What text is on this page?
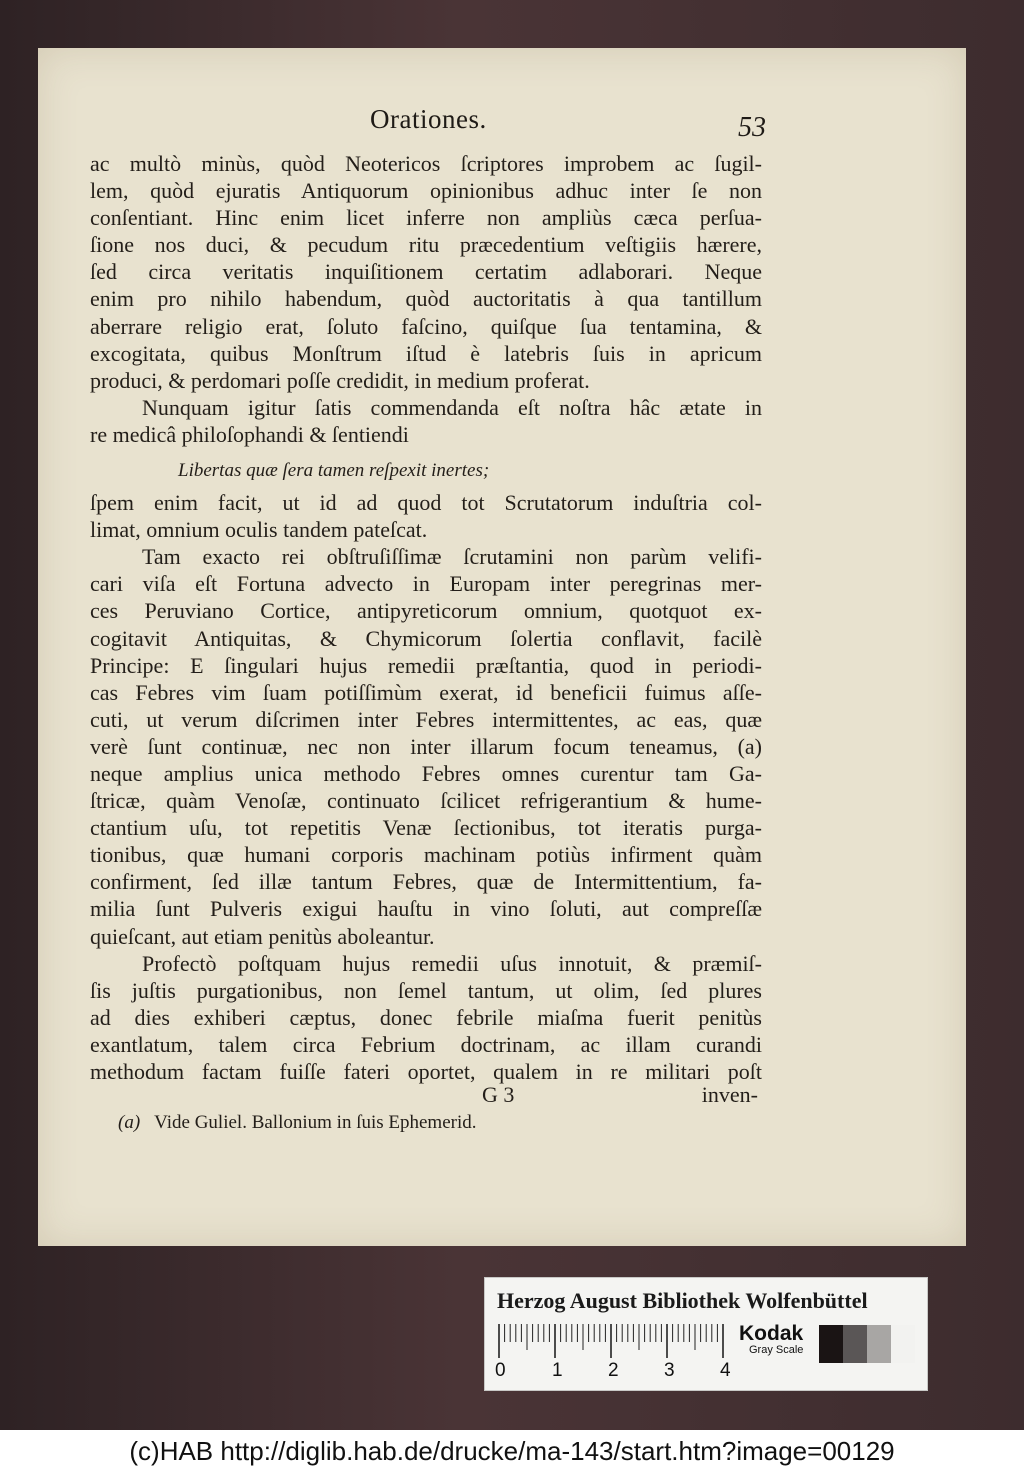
Orationes.	53
ac multò minùs, quòd Neotericos ſcriptores improbem ac ſugil-
lem, quòd ejuratis Antiquorum opinionibus adhuc inter ſe non
conſentiant. Hinc enim licet inferre non ampliùs cæca perſua-
ſione nos duci, & pecudum ritu præcedentium veſtigiis hærere,
ſed circa veritatis inquiſitionem certatim adlaborari. Neque
enim pro nihilo habendum, quòd auctoritatis à qua tantillum
aberrare religio erat, ſoluto faſcino, quiſque ſua tentamina, &
excogitata, quibus Monſtrum iſtud è latebris ſuis in apricum
produci, & perdomari poſſe credidit, in medium proferat.
Nunquam igitur ſatis commendanda eſt noſtra hâc ætate in
re medicâ philoſophandi & ſentiendi
Libertas quæ ſera tamen reſpexit inertes;
ſpem enim facit, ut id ad quod tot Scrutatorum induſtria col-
limat, omnium oculis tandem pateſcat.
Tam exacto rei obſtruſiſſimæ ſcrutamini non parùm velifi-
cari viſa eſt Fortuna advecto in Europam inter peregrinas mer-
ces Peruviano Cortice, antipyreticorum omnium, quotquot ex-
cogitavit Antiquitas, & Chymicorum ſolertia conflavit, facilè
Principe: E ſingulari hujus remedii præſtantia, quod in periodi-
cas Febres vim ſuam potiſſimùm exerat, id beneficii fuimus aſſe-
cuti, ut verum diſcrimen inter Febres intermittentes, ac eas, quæ
verè ſunt continuæ, nec non inter illarum focum teneamus, (a)
neque amplius unica methodo Febres omnes curentur tam Ga-
ſtricæ, quàm Venoſæ, continuato ſcilicet refrigerantium & hume-
ctantium uſu, tot repetitis Venæ ſectionibus, tot iteratis purga-
tionibus, quæ humani corporis machinam potiùs infirment quàm
confirment, ſed illæ tantum Febres, quæ de Intermittentium, fa-
milia ſunt Pulveris exigui hauſtu in vino ſoluti, aut compreſſæ
quieſcant, aut etiam penitùs aboleantur.
Profectò poſtquam hujus remedii uſus innotuit, & præmiſ-
ſis juſtis purgationibus, non ſemel tantum, ut olim, ſed plures
ad dies exhiberi cæptus, donec febrile miaſma fuerit penitùs
exantlatum, talem circa Febrium doctrinam, ac illam curandi
methodum factam fuiſſe fateri oportet, qualem in re militari poſt
G 3	inven-
(a) Vide Guliel. Ballonium in ſuis Ephemerid.
Herzog August Bibliothek Wolfenbüttel
0 1 2 3 4
Kodak
Gray Scale
(c)HAB http://diglib.hab.de/drucke/ma-143/start.htm?image=00129
